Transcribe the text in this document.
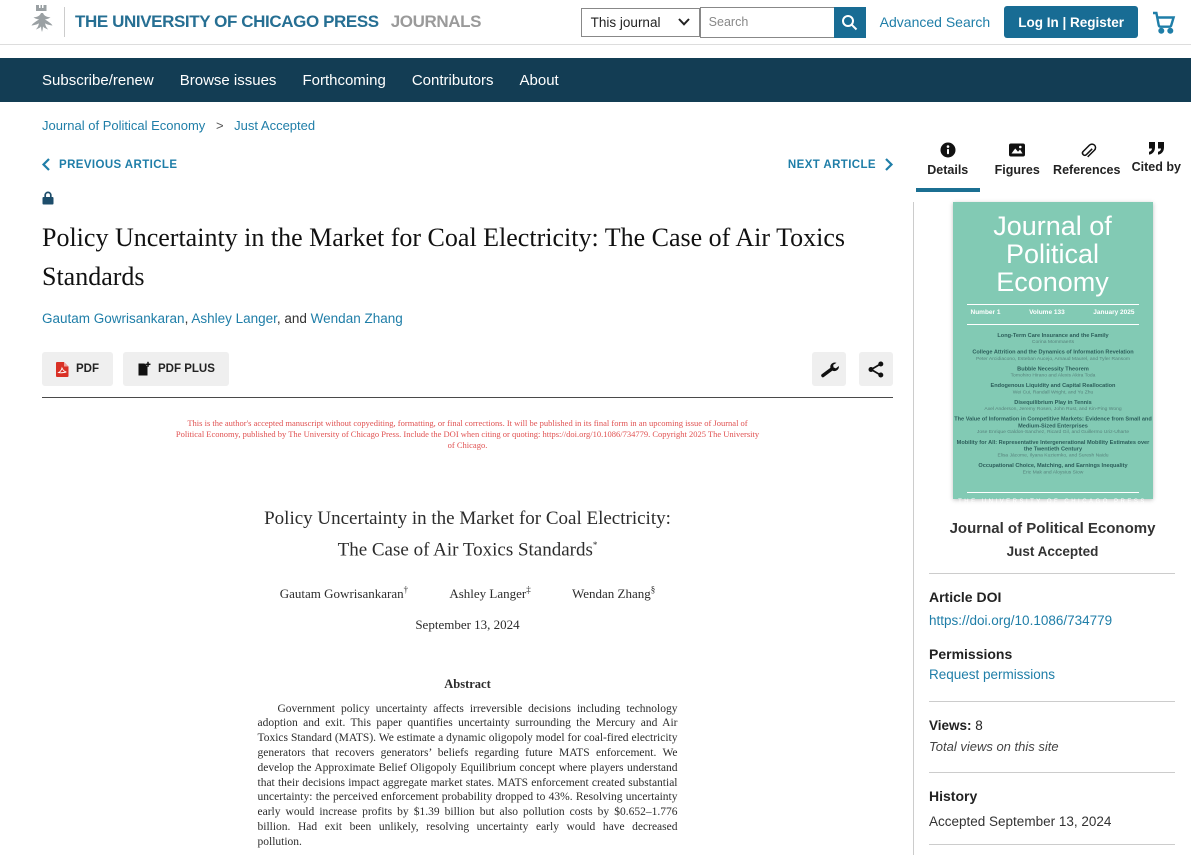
THE UNIVERSITY OF CHICAGO PRESS JOURNALS	This journal
Search	Advanced Search	Log In | Register
Subscribe/renew Browse issues Forthcoming Contributors About
Journal of Political Economy > Just Accepted
PREVIOUS ARTICLE	NEXT ARTICLE
Policy Uncertainty in the Market for Coal Electricity: The Case of Air Toxics Standards
Gautam Gowrisankaran, Ashley Langer, and Wendan Zhang
PDF	PDF PLUS

This is the author's accepted manuscript without copyediting, formatting, or final corrections. It will be published in its final form in an upcoming issue of Journal of Political Economy, published by The University of Chicago Press. Include the DOI when citing or quoting: https://doi.org/10.1086/734779. Copyright 2025 The University of Chicago.

Policy Uncertainty in the Market for Coal Electricity:
The Case of Air Toxics Standards*
Gautam Gowrisankaran†	Ashley Langer‡	Wendan Zhang§
September 13, 2024
Abstract

Government policy uncertainty affects irreversible decisions including technology adoption and exit. This paper quantifies uncertainty surrounding the Mercury and Air Toxics Standard (MATS). We estimate a dynamic oligopoly model for coal-fired electricity generators that recovers generators’ beliefs regarding future MATS enforcement. We develop the Approximate Belief Oligopoly Equilibrium concept where players understand that their decisions impact aggregate market states. MATS enforcement created substantial uncertainty: the perceived enforcement probability dropped to 43%. Resolving uncertainty early would increase profits by $1.39 billion but also pollution costs by $0.652–1.776 billion. Had exit been unlikely, resolving uncertainty early would have decreased pollution.

Details Figures References Cited by
Journal of
Political
Economy
Number 1	Volume 133	January 2025
Long-Term Care Insurance and the Family
Corina Mommaerts
College Attrition and the Dynamics of Information Revelation
Peter Arcidiacono, Esteban Aucejo, Arnaud Maurel, and Tyler Ransom
Bubble Necessity Theorem
Tomohiro Hirano and Alexis Akira Toda
Endogenous Liquidity and Capital Reallocation
Wei Cui, Randall Wright, and Yu Zhu
Disequilibrium Play in Tennis
Axel Anderson, Jeremy Rosen, John Rust, and Kin-Ping Wong
The Value of Information in Competitive Markets: Evidence from Small and Medium-Sized Enterprises
Jose Enrique Galdon-Sanchez, Ricard Gil, and Guillermo Uriz-Uharte
Mobility for All: Representative Intergenerational Mobility Estimates over the Twentieth Century
Elisa Jácome, Ilyana Kuziemko, and Suresh Naidu
Occupational Choice, Matching, and Earnings Inequality
Eric Mak and Aloysius Siow
THE UNIVERSITY OF CHICAGO PRESS
Journal of Political Economy
Just Accepted
Article DOI
https://doi.org/10.1086/734779
Permissions
Request permissions
Views: 8
Total views on this site
History
Accepted September 13, 2024
